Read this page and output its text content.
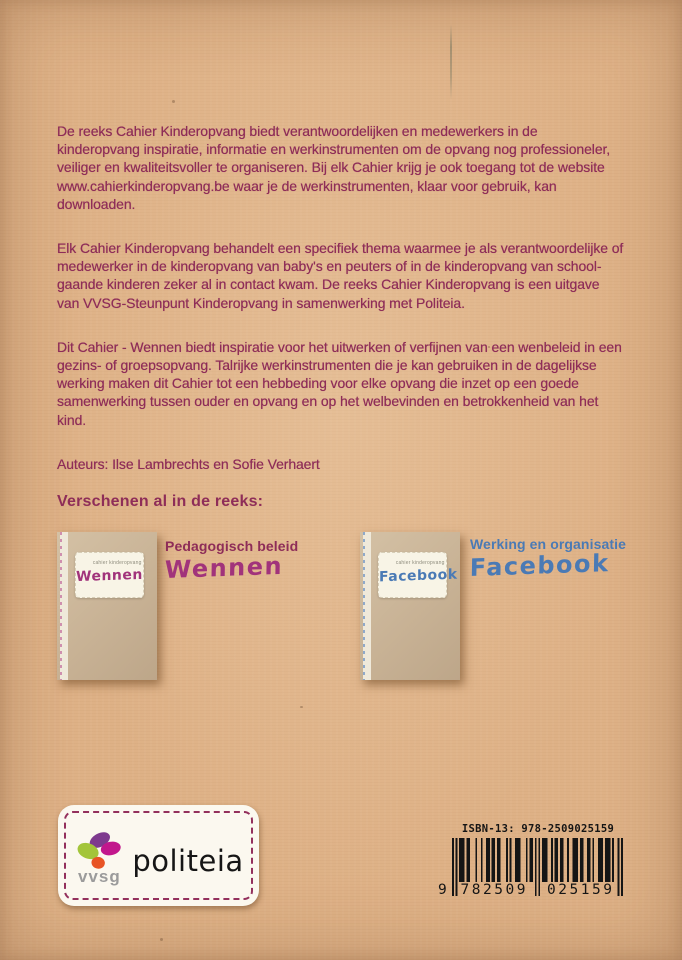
De reeks Cahier Kinderopvang biedt verantwoordelijken en medewerkers in de kinderopvang inspiratie, informatie en werkinstrumenten om de opvang nog professioneler, veiliger en kwaliteitsvoller te organiseren. Bij elk Cahier krijg je ook toegang tot de website www.cahierkinderopvang.be waar je de werkinstrumenten, klaar voor gebruik, kan downloaden.

Elk Cahier Kinderopvang behandelt een specifiek thema waarmee je als verantwoordelijke of medewerker in de kinderopvang van baby's en peuters of in de kinderopvang van school-gaande kinderen zeker al in contact kwam. De reeks Cahier Kinderopvang is een uitgave van VVSG-Steunpunt Kinderopvang in samenwerking met Politeia.

Dit Cahier - Wennen biedt inspiratie voor het uitwerken of verfijnen van een wenbeleid in een gezins- of groepsopvang. Talrijke werkinstrumenten die je kan gebruiken in de dagelijkse werking maken dit Cahier tot een hebbeding voor elke opvang die inzet op een goede samenwerking tussen ouder en opvang en op het welbevinden en betrokkenheid van het kind.

Auteurs: Ilse Lambrechts en Sofie Verhaert

Verschenen al in de reeks:
cahier kinderopvang
Wennen
Pedagogisch beleid
Wennen	cahier kinderopvang
Facebook
Werking en organisatie
Facebook
vvsg politeia
ISBN-13: 978-2509025159
9 782509	025159
